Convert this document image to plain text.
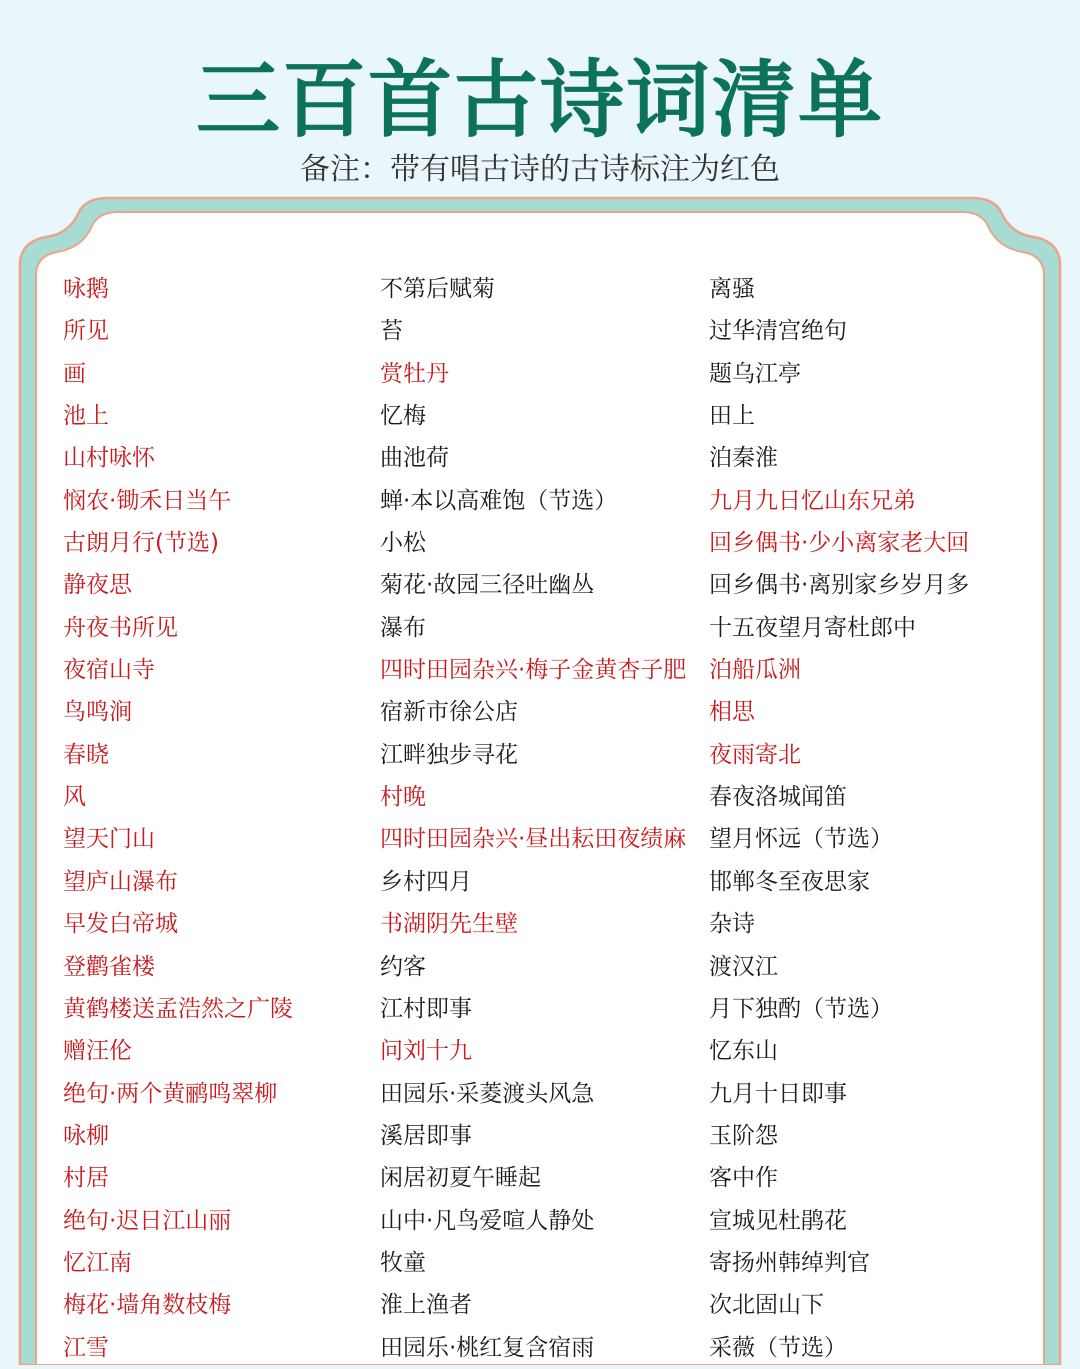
三百首古诗词清单
备注：带有唱古诗的古诗标注为红色
咏鹅
所见
画
池上
山村咏怀
悯农·锄禾日当午
古朗月行(节选)
静夜思
舟夜书所见
夜宿山寺
鸟鸣涧
春晓
风
望天门山
望庐山瀑布
早发白帝城
登鹳雀楼
黄鹤楼送孟浩然之广陵
赠汪伦
绝句·两个黄鹂鸣翠柳
咏柳
村居
绝句·迟日江山丽
忆江南
梅花·墙角数枝梅
江雪
不第后赋菊
苔
赏牡丹
忆梅
曲池荷
蝉·本以高难饱（节选）
小松
菊花·故园三径吐幽丛
瀑布
四时田园杂兴·梅子金黄杏子肥
宿新市徐公店
江畔独步寻花
村晚
四时田园杂兴·昼出耘田夜绩麻
乡村四月
书湖阴先生壁
约客
江村即事
问刘十九
田园乐·采菱渡头风急
溪居即事
闲居初夏午睡起
山中·凡鸟爱喧人静处
牧童
淮上渔者
田园乐·桃红复含宿雨
离骚
过华清宫绝句
题乌江亭
田上
泊秦淮
九月九日忆山东兄弟
回乡偶书·少小离家老大回
回乡偶书·离别家乡岁月多
十五夜望月寄杜郎中
泊船瓜洲
相思
夜雨寄北
春夜洛城闻笛
望月怀远（节选）
邯郸冬至夜思家
杂诗
渡汉江
月下独酌（节选）
忆东山
九月十日即事
玉阶怨
客中作
宣城见杜鹃花
寄扬州韩绰判官
次北固山下
采薇（节选）
